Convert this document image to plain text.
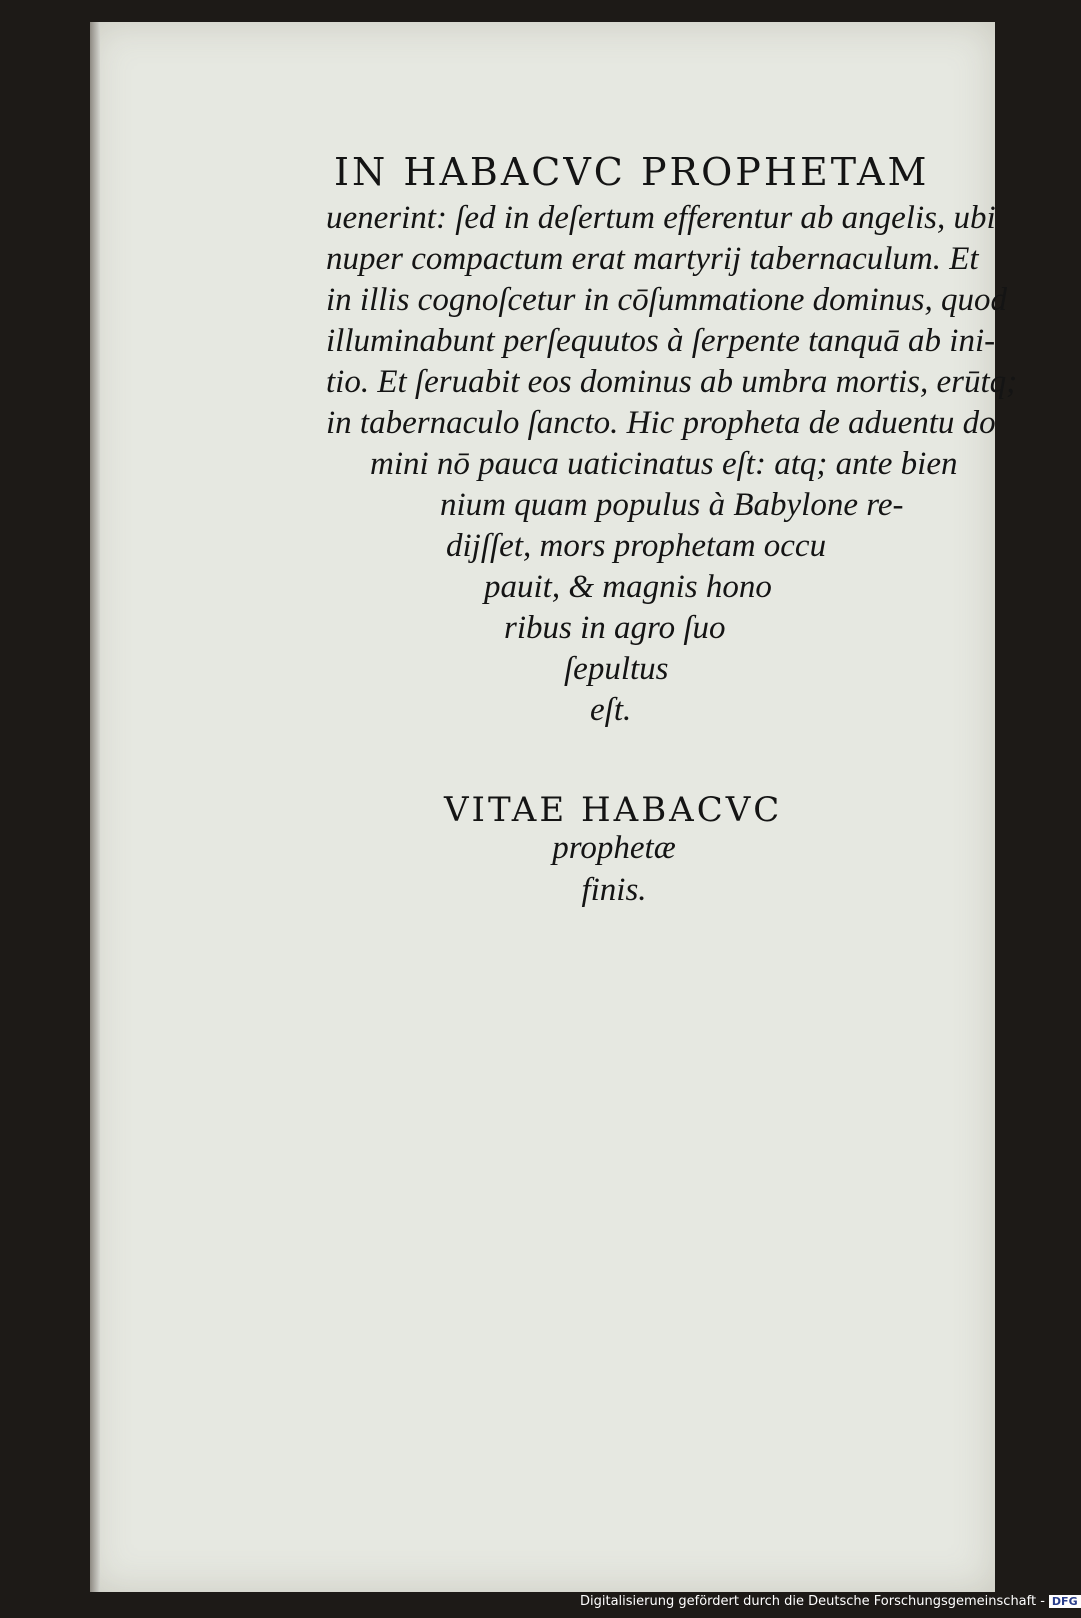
IN HABACVC PROPHETAM
uenerint: ſed in deſertum efferentur ab angelis, ubi
nuper compactum erat martyrij tabernaculum. Et
in illis cognoſcetur in cōſummatione dominus, quod
illuminabunt perſequutos à ſerpente tanquā ab ini-
tio. Et ſeruabit eos dominus ab umbra mortis, erūtq;
in tabernaculo ſancto. Hic propheta de aduentu do
mini nō pauca uaticinatus eſt: atq; ante bien
nium quam populus à Babylone re-
dijſſet, mors prophetam occu
pauit, & magnis hono
ribus in agro ſuo
ſepultus
eſt.
VITAE HABACVC
prophetæ
finis.
Digitalisierung gefördert durch die Deutsche Forschungsgemeinschaft - DFG
